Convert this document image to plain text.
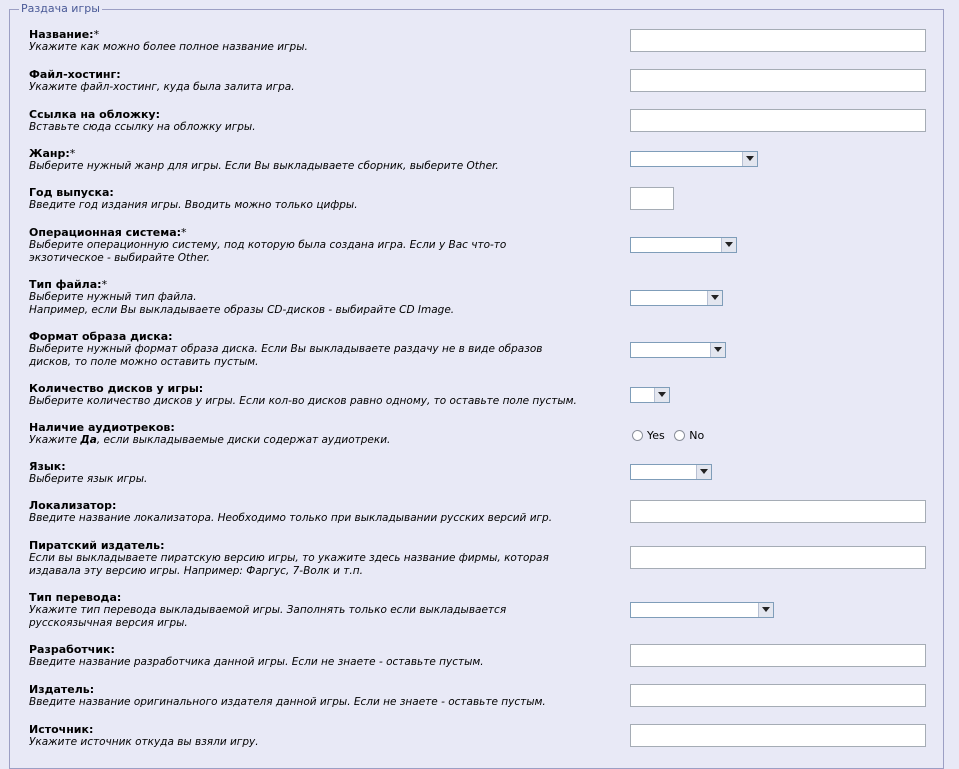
Раздача игры
Название:*
Укажите как можно более полное название игры.
Файл-хостинг:
Укажите файл-хостинг, куда была залита игра.
Ссылка на обложку:
Вставьте сюда ссылку на обложку игры.
Жанр:*
Выберите нужный жанр для игры. Если Вы выкладываете сборник, выберите Other.
Год выпуска:
Введите год издания игры. Вводить можно только цифры.
Операционная система:*
Выберите операционную систему, под которую была создана игра. Если у Вас что-то
экзотическое - выбирайте Other.
Тип файла:*
Выберите нужный тип файла.
Например, если Вы выкладываете образы CD-дисков - выбирайте CD Image.
Формат образа диска:
Выберите нужный формат образа диска. Если Вы выкладываете раздачу не в виде образов
дисков, то поле можно оставить пустым.
Количество дисков у игры:
Выберите количество дисков у игры. Если кол-во дисков равно одному, то оставьте поле пустым.
Наличие аудиотреков:
Укажите Да, если выкладываемые диски содержат аудиотреки.	Yes
No
Язык:
Выберите язык игры.
Локализатор:
Введите название локализатора. Необходимо только при выкладывании русских версий игр.
Пиратский издатель:
Если вы выкладываете пиратскую версию игры, то укажите здесь название фирмы, которая
издавала эту версию игры. Например: Фаргус, 7-Волк и т.п.
Тип перевода:
Укажите тип перевода выкладываемой игры. Заполнять только если выкладывается
русскоязычная версия игры.
Разработчик:
Введите название разработчика данной игры. Если не знаете - оставьте пустым.
Издатель:
Введите название оригинального издателя данной игры. Если не знаете - оставьте пустым.
Источник:
Укажите источник откуда вы взяли игру.
